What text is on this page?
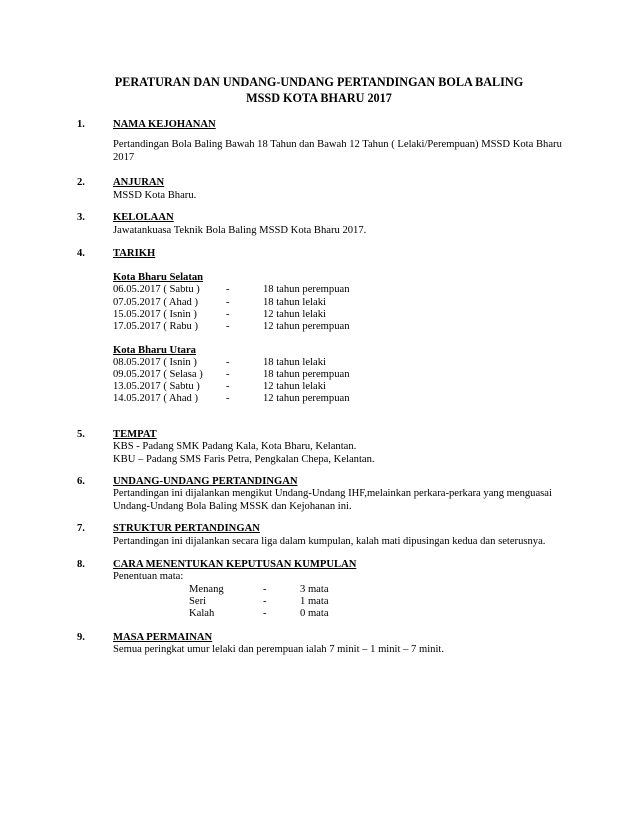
PERATURAN DAN UNDANG-UNDANG PERTANDINGAN BOLA BALING
MSSD KOTA BHARU 2017
1.	NAMA KEJOHANAN
Pertandingan Bola Baling Bawah 18 Tahun dan Bawah 12 Tahun ( Lelaki/Perempuan) MSSD Kota Bharu
2017
2.	ANJURAN
MSSD Kota Bharu.
3.	KELOLAAN
Jawatankuasa Teknik Bola Baling MSSD Kota Bharu 2017.
4.	TARIKH
Kota Bharu Selatan
06.05.2017 ( Sabtu ) -	18 tahun perempuan
07.05.2017 ( Ahad )	-	18 tahun lelaki
15.05.2017 ( Isnin )	-	12 tahun lelaki
17.05.2017 ( Rabu )	-	12 tahun perempuan
Kota Bharu Utara
08.05.2017 ( Isnin )	-	18 tahun lelaki
09.05.2017 ( Selasa ) -	18 tahun perempuan
13.05.2017 ( Sabtu ) -	12 tahun lelaki
14.05.2017 ( Ahad )	-	12 tahun perempuan
5.	TEMPAT
KBS - Padang SMK Padang Kala, Kota Bharu, Kelantan.
KBU – Padang SMS Faris Petra, Pengkalan Chepa, Kelantan.
6.	UNDANG-UNDANG PERTANDINGAN
Pertandingan ini dijalankan mengikut Undang-Undang IHF,melainkan perkara-perkara yang menguasai
Undang-Undang Bola Baling MSSK dan Kejohanan ini.
7.	STRUKTUR PERTANDINGAN
Pertandingan ini dijalankan secara liga dalam kumpulan, kalah mati dipusingan kedua dan seterusnya.
8.	CARA MENENTUKAN KEPUTUSAN KUMPULAN
Penentuan mata:
Menang	-	3 mata
Seri	-	1 mata
Kalah	-	0 mata
9.	MASA PERMAINAN
Semua peringkat umur lelaki dan perempuan ialah 7 minit – 1 minit – 7 minit.
